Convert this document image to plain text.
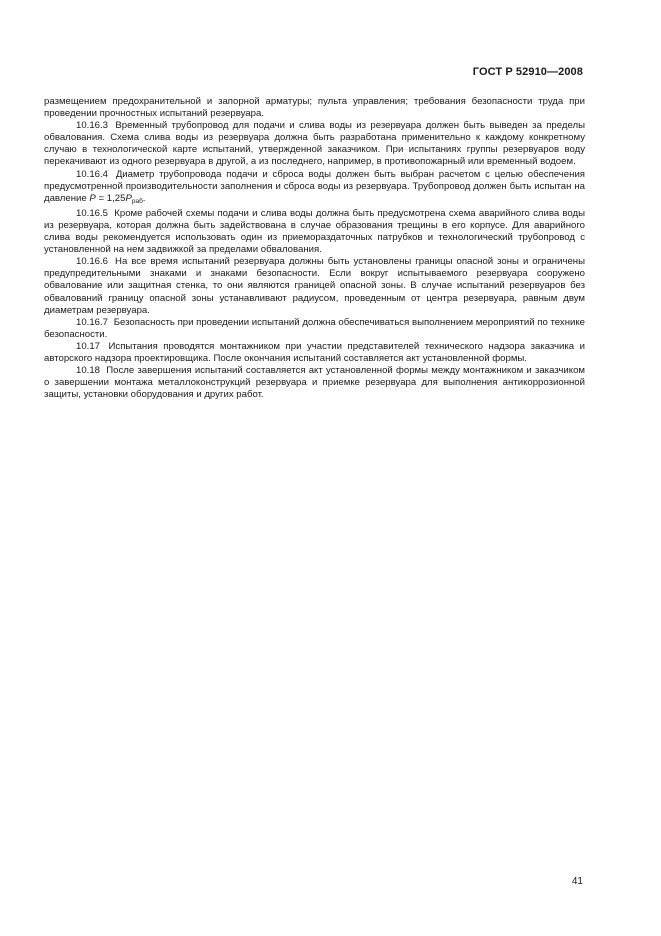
ГОСТ Р 52910—2008

размещением предохранительной и запорной арматуры; пульта управления; требования безопасности труда при проведении прочностных испытаний резервуара.

10.16.3 Временный трубопровод для подачи и слива воды из резервуара должен быть выведен за пределы обвалования. Схема слива воды из резервуара должна быть разработана применительно к каждому конкретному случаю в технологической карте испытаний, утвержденной заказчиком. При испытаниях группы резервуаров воду перекачивают из одного резервуара в другой, а из последнего, например, в противопожарный или временный водоем.

10.16.4 Диаметр трубопровода подачи и сброса воды должен быть выбран расчетом с целью обеспечения предусмотренной производительности заполнения и сброса воды из резервуара. Трубопровод должен быть испытан на давление $P = 1,25P_{раб}$.

10.16.5 Кроме рабочей схемы подачи и слива воды должна быть предусмотрена схема аварийного слива воды из резервуара, которая должна быть задействована в случае образования трещины в его корпусе. Для аварийного слива воды рекомендуется использовать один из приемораздаточных патрубков и технологический трубопровод с установленной на нем задвижкой за пределами обвалования.

10.16.6 На все время испытаний резервуара должны быть установлены границы опасной зоны и ограничены предупредительными знаками и знаками безопасности. Если вокруг испытываемого резервуара сооружено обвалование или защитная стенка, то они являются границей опасной зоны. В случае испытаний резервуаров без обвалований границу опасной зоны устанавливают радиусом, проведенным от центра резервуара, равным двум диаметрам резервуара.

10.16.7 Безопасность при проведении испытаний должна обеспечиваться выполнением мероприятий по технике безопасности.

10.17 Испытания проводятся монтажником при участии представителей технического надзора заказчика и авторского надзора проектировщика. После окончания испытаний составляется акт установленной формы.

10.18 После завершения испытаний составляется акт установленной формы между монтажником и заказчиком о завершении монтажа металлоконструкций резервуара и приемке резервуара для выполнения антикоррозионной защиты, установки оборудования и других работ.

41
